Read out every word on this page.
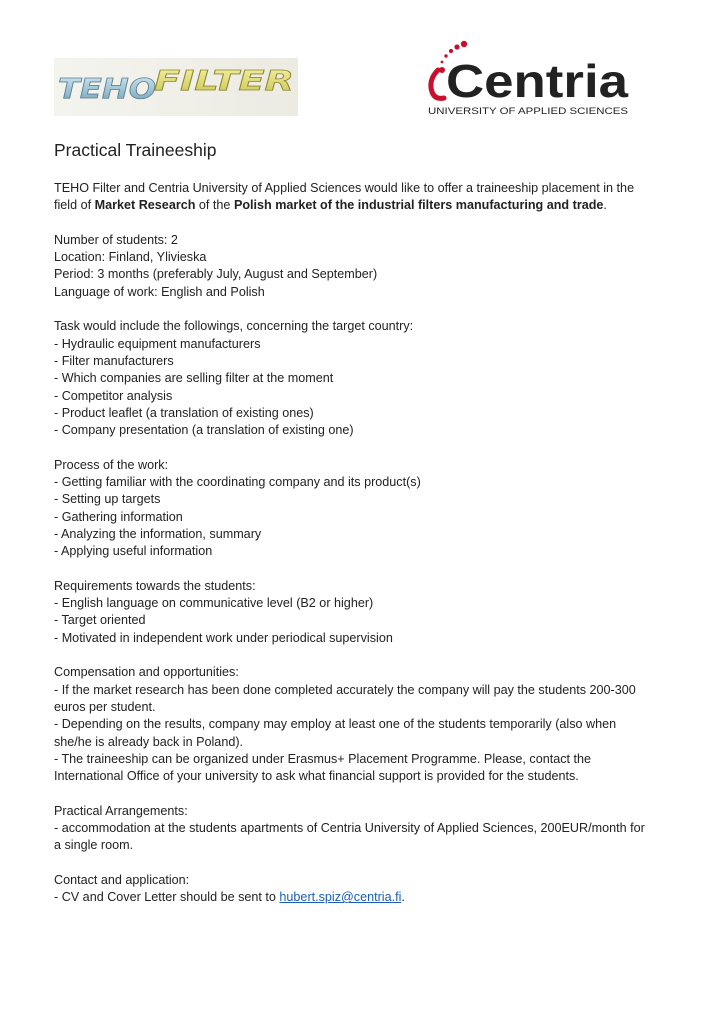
TEHO
FILTER	Centria
UNIVERSITY OF APPLIED SCIENCES
Practical Traineeship

TEHO Filter and Centria University of Applied Sciences would like to offer a traineeship placement in the field of Market Research of the Polish market of the industrial filters manufacturing and trade.

Number of students: 2

Location: Finland, Ylivieska

Period: 3 months (preferably July, August and September)

Language of work: English and Polish

Task would include the followings, concerning the target country:

- Hydraulic equipment manufacturers

- Filter manufacturers

- Which companies are selling filter at the moment

- Competitor analysis

- Product leaflet (a translation of existing ones)

- Company presentation (a translation of existing one)

Process of the work:

- Getting familiar with the coordinating company and its product(s)

- Setting up targets

- Gathering information

- Analyzing the information, summary

- Applying useful information

Requirements towards the students:

- English language on communicative level (B2 or higher)

- Target oriented

- Motivated in independent work under periodical supervision

Compensation and opportunities:

- If the market research has been done completed accurately the company will pay the students 200-300 euros per student.

- Depending on the results, company may employ at least one of the students temporarily (also when she/he is already back in Poland).

- The traineeship can be organized under Erasmus+ Placement Programme. Please, contact the International Office of your university to ask what financial support is provided for the students.

Practical Arrangements:

- accommodation at the students apartments of Centria University of Applied Sciences, 200EUR/month for a single room.

Contact and application:

- CV and Cover Letter should be sent to hubert.spiz@centria.fi.
